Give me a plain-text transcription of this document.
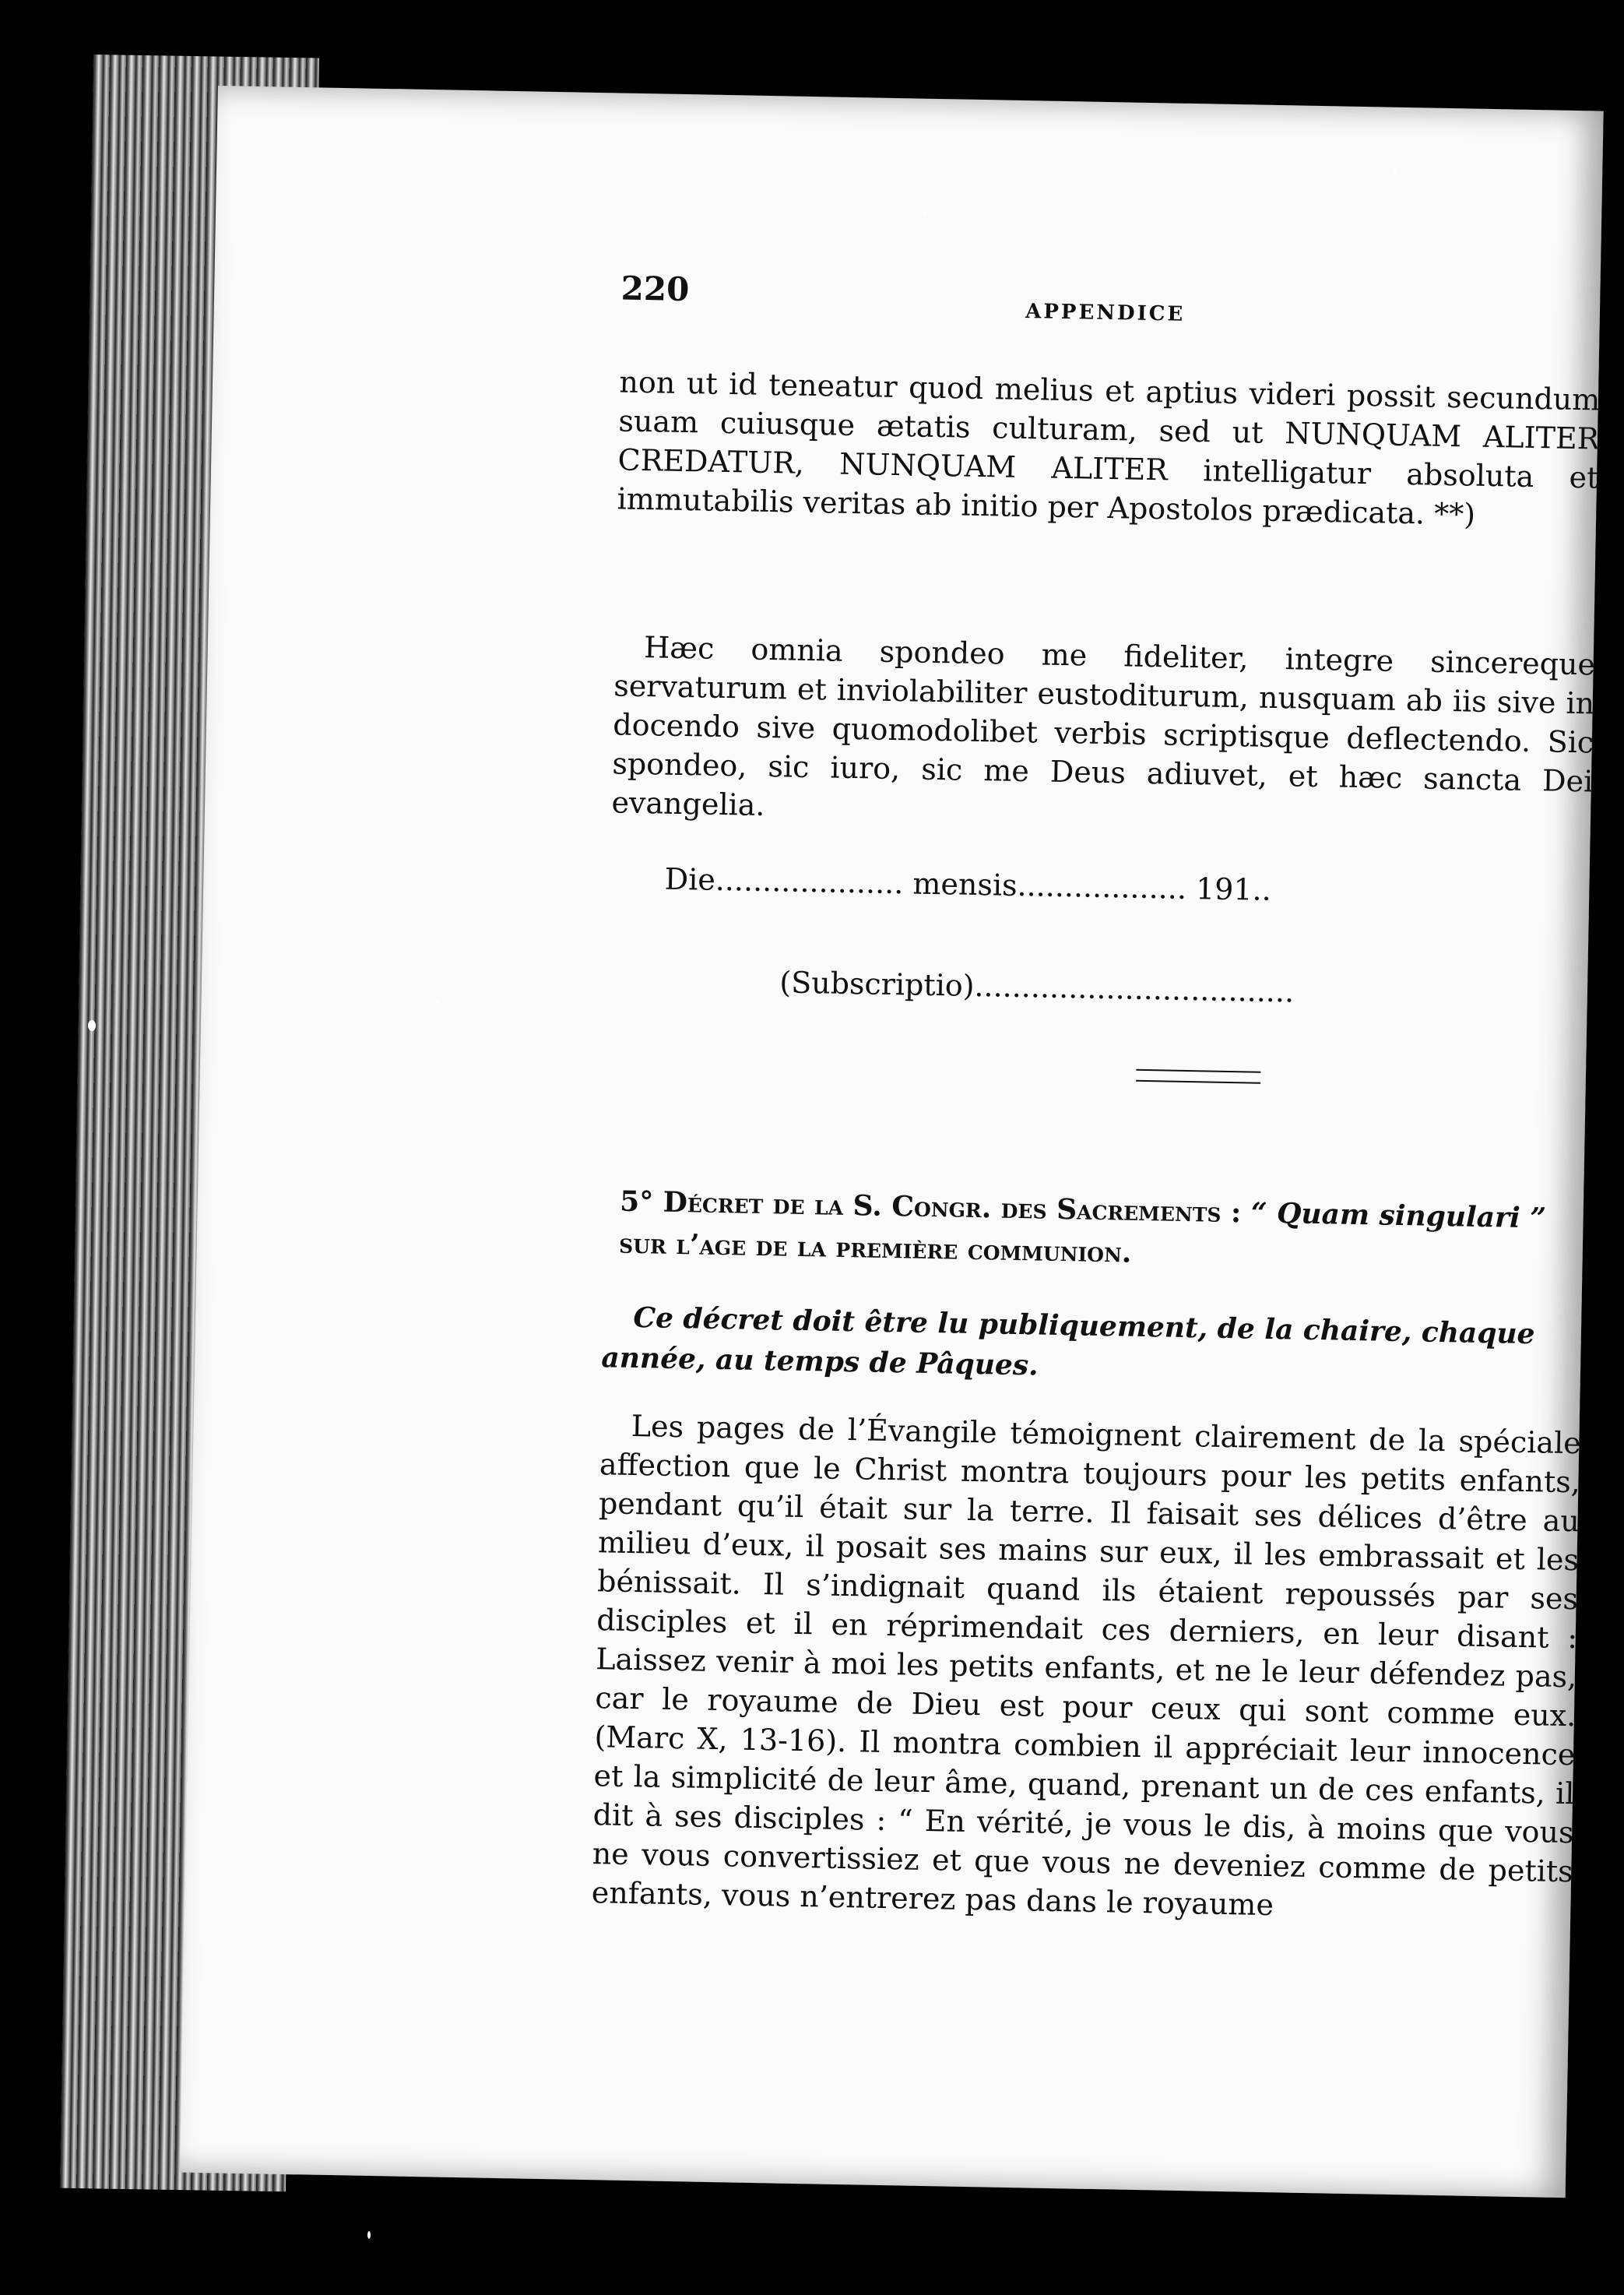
220
APPENDICE
non ut id teneatur quod melius et aptius videri possit secundum suam cuiusque ætatis culturam, sed ut NUNQUAM ALITER CREDATUR, NUNQUAM ALITER intelligatur absoluta et immutabilis veritas ab initio per Apostolos prædicata. **)
Hæc omnia spondeo me fideliter, integre sincereque servaturum et inviolabiliter eustoditurum, nusquam ab iis sive in docendo sive quomodolibet verbis scriptisque deflectendo. Sic spondeo, sic iuro, sic me Deus adiuvet, et hæc sancta Dei evangelia.
Die.................... mensis.................. 191..
(Subscriptio)..................................
5° Décret de la S. Congr. des Sacrements : “ Quam singulari ” sur l’age de la première communion.
Ce décret doit être lu publiquement, de la chaire, chaque année, au temps de Pâques.
Les pages de l’Évangile témoignent clairement de la spéciale affection que le Christ montra toujours pour les petits enfants, pendant qu’il était sur la terre. Il faisait ses délices d’être au milieu d’eux, il posait ses mains sur eux, il les embrassait et les bénissait. Il s’indignait quand ils étaient repoussés par ses disciples et il en réprimendait ces derniers, en leur disant : Laissez venir à moi les petits enfants, et ne le leur défendez pas, car le royaume de Dieu est pour ceux qui sont comme eux. (Marc X, 13-16). Il montra combien il appréciait leur innocence et la simplicité de leur âme, quand, prenant un de ces enfants, il dit à ses disciples : “ En vérité, je vous le dis, à moins que vous ne vous convertissiez et que vous ne deveniez comme de petits enfants, vous n’entrerez pas dans le royaume
